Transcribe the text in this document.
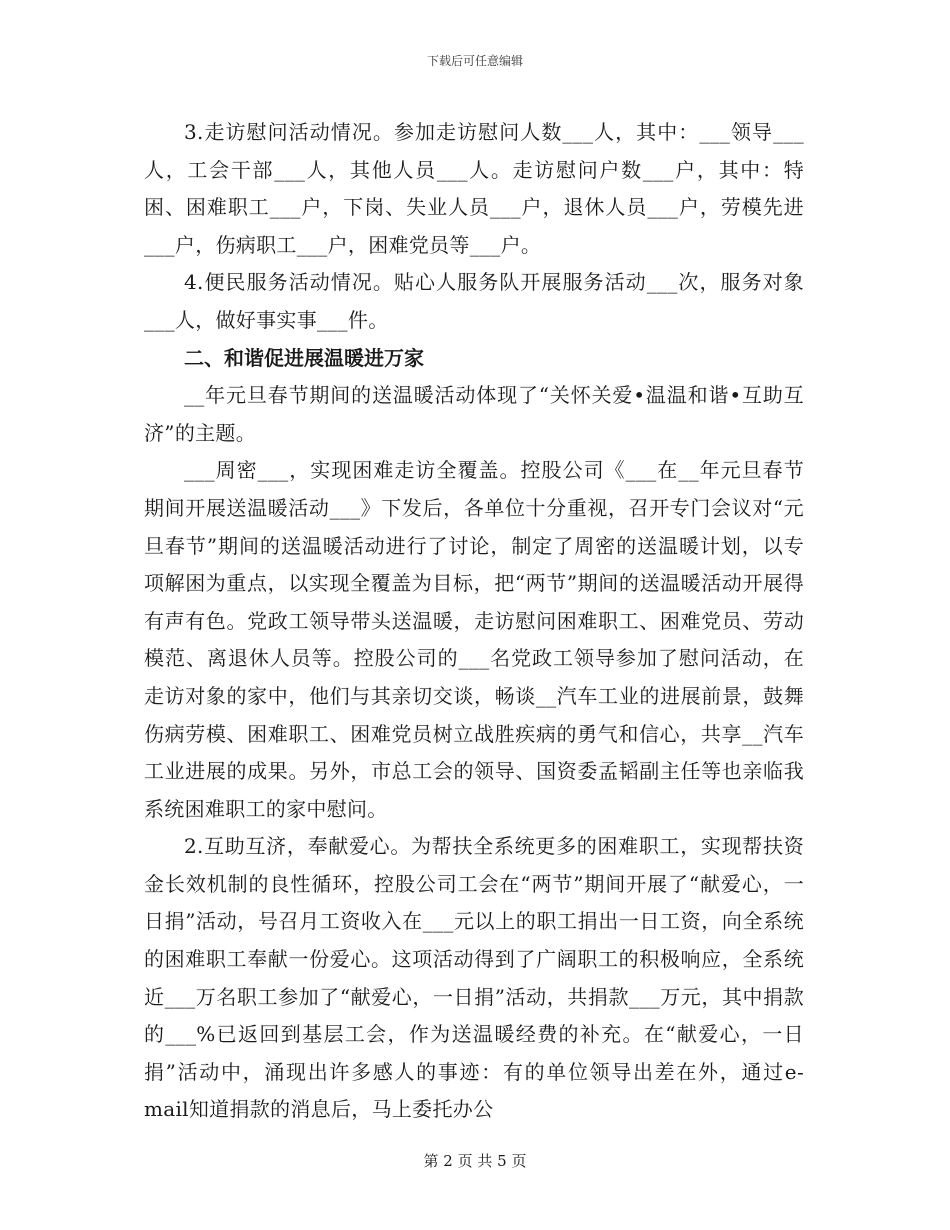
下载后可任意编辑

3.走访慰问活动情况。参加走访慰问人数___人，其中：___领导___人，工会干部___人，其他人员___人。走访慰问户数___户，其中：特困、困难职工___户，下岗、失业人员___户，退休人员___户，劳模先进___户，伤病职工___户，困难党员等___户。

4.便民服务活动情况。贴心人服务队开展服务活动___次，服务对象___人，做好事实事___件。

二、和谐促进展温暖进万家

__年元旦春节期间的送温暖活动体现了“关怀关爱•温温和谐•互助互济”的主题。

___周密___，实现困难走访全覆盖。控股公司《___在__年元旦春节期间开展送温暖活动___》下发后，各单位十分重视，召开专门会议对“元旦春节”期间的送温暖活动进行了讨论，制定了周密的送温暖计划，以专项解困为重点，以实现全覆盖为目标，把“两节”期间的送温暖活动开展得有声有色。党政工领导带头送温暖，走访慰问困难职工、困难党员、劳动模范、离退休人员等。控股公司的___名党政工领导参加了慰问活动，在走访对象的家中，他们与其亲切交谈，畅谈__汽车工业的进展前景，鼓舞伤病劳模、困难职工、困难党员树立战胜疾病的勇气和信心，共享__汽车工业进展的成果。另外，市总工会的领导、国资委孟韬副主任等也亲临我系统困难职工的家中慰问。

2.互助互济，奉献爱心。为帮扶全系统更多的困难职工，实现帮扶资金长效机制的良性循环，控股公司工会在“两节”期间开展了“献爱心，一日捐”活动，号召月工资收入在___元以上的职工捐出一日工资，向全系统的困难职工奉献一份爱心。这项活动得到了广阔职工的积极响应，全系统近___万名职工参加了“献爱心，一日捐”活动，共捐款___万元，其中捐款的___%已返回到基层工会，作为送温暖经费的补充。在“献爱心，一日捐”活动中，涌现出许多感人的事迹：有的单位领导出差在外，通过e-mail知道捐款的消息后，马上委托办公

第 2 页 共 5 页
